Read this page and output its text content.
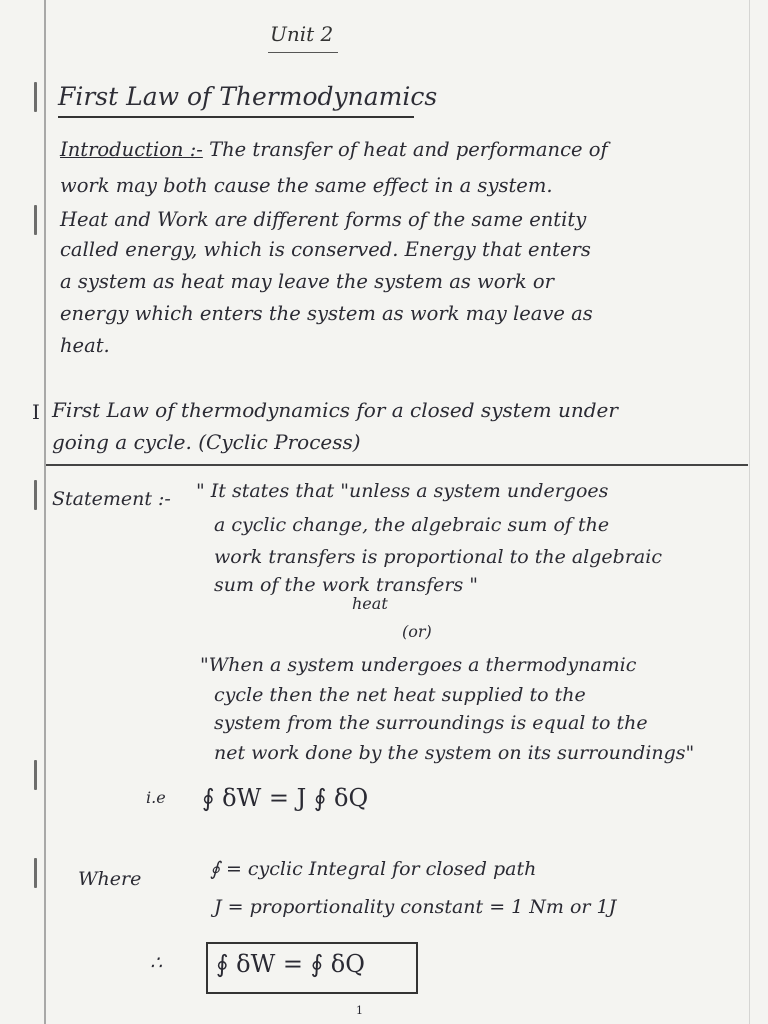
Unit 2
First Law of Thermodynamics
Introduction :- The transfer of heat and performance of
work may both cause the same effect in a system.
Heat and Work are different forms of the same entity
called energy, which is conserved. Energy that enters
a system as heat may leave the system as work or
energy which enters the system as work may leave as
heat.
I First Law of thermodynamics for a closed system under
going a cycle. (Cyclic Process)
Statement :- " It states that "unless a system undergoes
a cyclic change, the algebraic sum of the
work transfers is proportional to the algebraic
sum of the work transfers "
heat
(or)
"When a system undergoes a thermodynamic
cycle then the net heat supplied to the
system from the surroundings is equal to the
net work done by the system on its surroundings"
i.e ∮ δW = J ∮ δQ
Where	∮ = cyclic Integral for closed path
J = proportionality constant = 1 Nm or 1J
∴ ∮ δW = ∮ δQ
1
